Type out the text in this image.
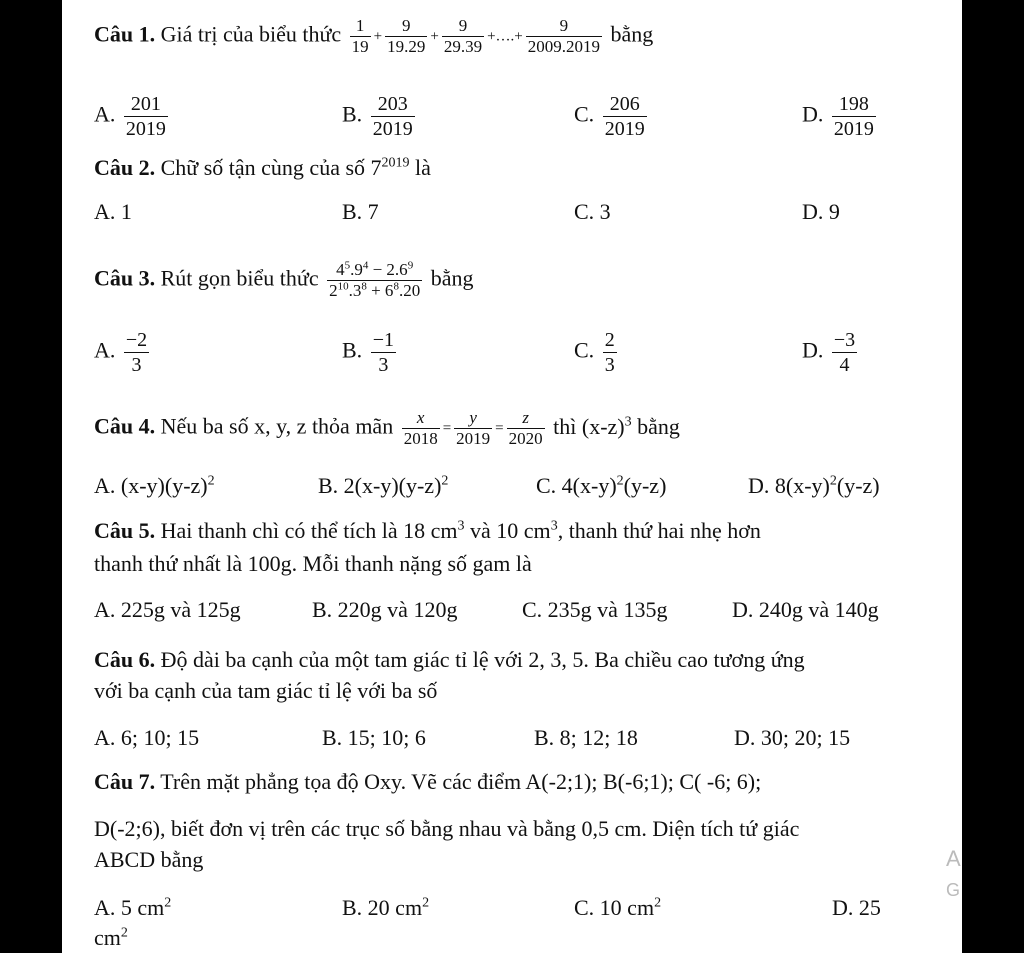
Câu 1. Giá trị của biểu thức $\frac{1}{19} + \frac{9}{19.29} + \frac{9}{29.39}$ +….+ $\frac{9}{2009.2019}$ bằng
A. $\frac{201}{2019}$	B. $\frac{203}{2019}$	C. $\frac{206}{2019}$	D. $\frac{198}{2019}$
Câu 2. Chữ số tận cùng của số $7^{2019}$ là
A. 1	B. 7	C. 3	D. 9
Câu 3. Rút gọn biểu thức $\frac{4^5.9^4 - 2.6^9}{2^{10}.3^8 + 6^8.20}$ bằng
A. $\frac{-2}{3}$	B. $\frac{-1}{3}$	C. $\frac{2}{3}$	D. $\frac{-3}{4}$
Câu 4. Nếu ba số x, y, z thỏa mãn $\frac{x}{2018} = \frac{y}{2019} = \frac{z}{2020}$ thì $(x-z)^3$ bằng
A. $(x-y)(y-z)^2$	B. $2(x-y)(y-z)^2$	C. $4(x-y)^2(y-z)$	D. $8(x-y)^2(y-z)$
Câu 5. Hai thanh chì có thể tích là 18 $cm^3$ và 10 $cm^3$, thanh thứ hai nhẹ hơn
thanh thứ nhất là 100g. Mỗi thanh nặng số gam là
A. 225g và 125g	B. 220g và 120g	C. 235g và 135g	D. 240g và 140g
Câu 6. Độ dài ba cạnh của một tam giác tỉ lệ với 2, 3, 5. Ba chiều cao tương ứng
với ba cạnh của tam giác tỉ lệ với ba số
A. 6; 10; 15	B. 15; 10; 6	B. 8; 12; 18	D. 30; 20; 15
Câu 7. Trên mặt phẳng tọa độ Oxy. Vẽ các điểm A(-2;1); B(-6;1); C( -6; 6);
D(-2;6), biết đơn vị trên các trục số bằng nhau và bằng 0,5 cm. Diện tích tứ giác
ABCD bằng
A. 5 $cm^2$	B. 20 $cm^2$	C. 10 $cm^2$	D. 25
$cm^2$
A
G
